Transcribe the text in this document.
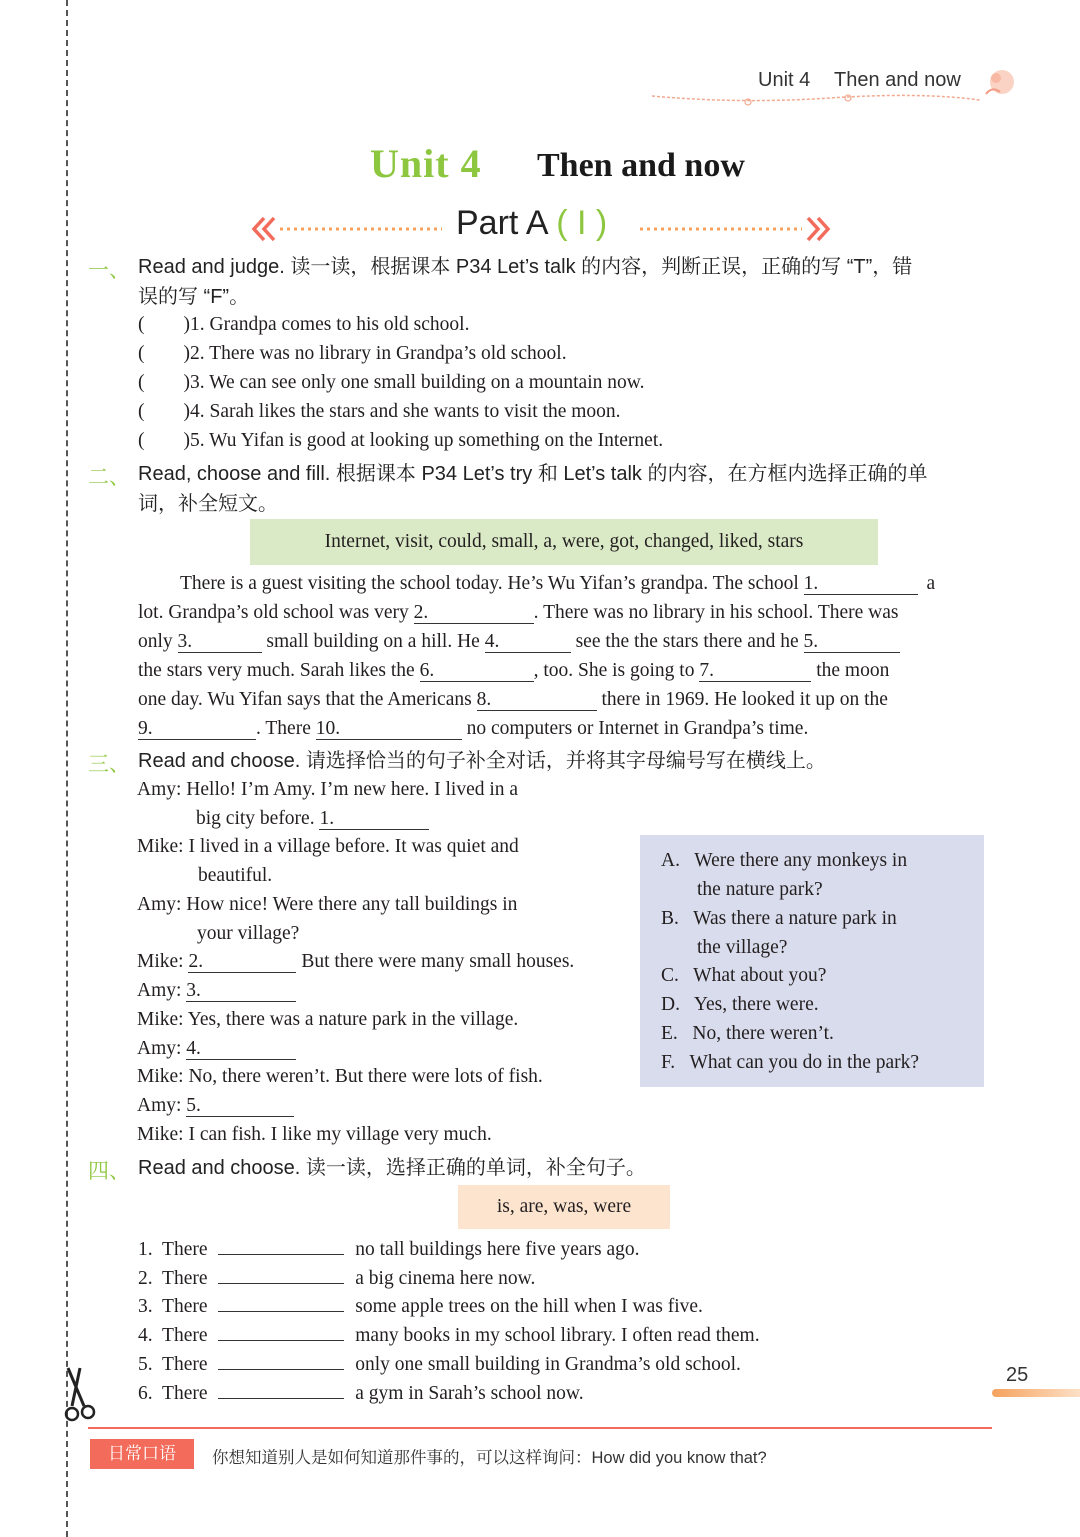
Unit 4 Then and now
Unit 4 Then and now
Part A ( I )
一、 Read and judge. 读一读，根据课本 P34 Let’s talk 的内容，判断正误，正确的写 “T”，错
误的写 “F”。
(        )1. Grandpa comes to his old school.
(        )2. There was no library in Grandpa’s old school.
(        )3. We can see only one small building on a mountain now.
(        )4. Sarah likes the stars and she wants to visit the moon.
(        )5. Wu Yifan is good at looking up something on the Internet.
二、 Read, choose and fill. 根据课本 P34 Let’s try 和 Let’s talk 的内容，在方框内选择正确的单
词，补全短文。
Internet, visit, could, small, a, were, got, changed, liked, stars
There is a guest visiting the school today. He’s Wu Yifan’s grandpa. The school 1.	a
lot. Grandpa’s old school was very 2.	. There was no library in his school. There was
only 3.	small building on a hill. He 4.	see the the stars there and he 5.
the stars very much. Sarah likes the 6.	, too. She is going to 7.	the moon
one day. Wu Yifan says that the Americans 8.	there in 1969. He looked it up on the
9.	. There 10.	no computers or Internet in Grandpa’s time.
三、 Read and choose. 请选择恰当的句子补全对话，并将其字母编号写在横线上。
Amy: Hello! I’m Amy. I’m new here. I lived in a
big city before. 1.
Mike: I lived in a village before. It was quiet and
beautiful.
Amy: How nice! Were there any tall buildings in
your village?
Mike: 2.	But there were many small houses.
Amy: 3.
Mike: Yes, there was a nature park in the village.
Amy: 4.
Mike: No, there weren’t. But there were lots of fish.
Amy: 5.
Mike: I can fish. I like my village very much.
A. Were there any monkeys in
the nature park?
B. Was there a nature park in
the village?
C. What about you?
D. Yes, there were.
E. No, there weren’t.
F. What can you do in the park?
四、 Read and choose. 读一读，选择正确的单词，补全句子。
is, are, was, were
1. There	no tall buildings here five years ago.
2. There	a big cinema here now.
3. There	some apple trees on the hill when I was five.
4. There	many books in my school library. I often read them.
5. There	only one small building in Grandma’s old school.
6. There	a gym in Sarah’s school now.
25
日常口语	你想知道别人是如何知道那件事的，可以这样询问：How did you know that?
